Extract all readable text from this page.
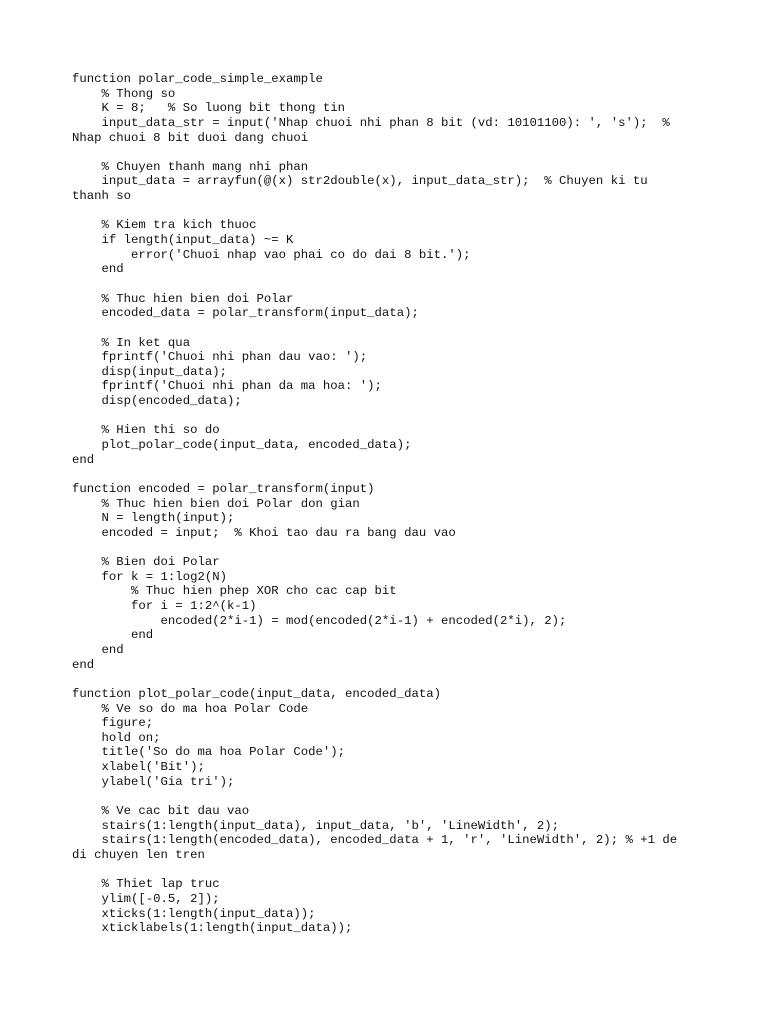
function polar_code_simple_example
% Thong so
K = 8;   % So luong bit thong tin
input_data_str = input('Nhap chuoi nhi phan 8 bit (vd: 10101100): ', 's');  %
Nhap chuoi 8 bit duoi dang chuoi
% Chuyen thanh mang nhi phan
input_data = arrayfun(@(x) str2double(x), input_data_str);  % Chuyen ki tu
thanh so
% Kiem tra kich thuoc
if length(input_data) ~= K
error('Chuoi nhap vao phai co do dai 8 bit.');
end
% Thuc hien bien doi Polar
encoded_data = polar_transform(input_data);
% In ket qua
fprintf('Chuoi nhi phan dau vao: ');
disp(input_data);
fprintf('Chuoi nhi phan da ma hoa: ');
disp(encoded_data);
% Hien thi so do
plot_polar_code(input_data, encoded_data);
end
function encoded = polar_transform(input)
% Thuc hien bien doi Polar don gian
N = length(input);
encoded = input;  % Khoi tao dau ra bang dau vao
% Bien doi Polar
for k = 1:log2(N)
% Thuc hien phep XOR cho cac cap bit
for i = 1:2^(k-1)
encoded(2*i-1) = mod(encoded(2*i-1) + encoded(2*i), 2);
end
end
end
function plot_polar_code(input_data, encoded_data)
% Ve so do ma hoa Polar Code
figure;
hold on;
title('So do ma hoa Polar Code');
xlabel('Bit');
ylabel('Gia tri');
% Ve cac bit dau vao
stairs(1:length(input_data), input_data, 'b', 'LineWidth', 2);
stairs(1:length(encoded_data), encoded_data + 1, 'r', 'LineWidth', 2); % +1 de
di chuyen len tren
% Thiet lap truc
ylim([-0.5, 2]);
xticks(1:length(input_data));
xticklabels(1:length(input_data));
